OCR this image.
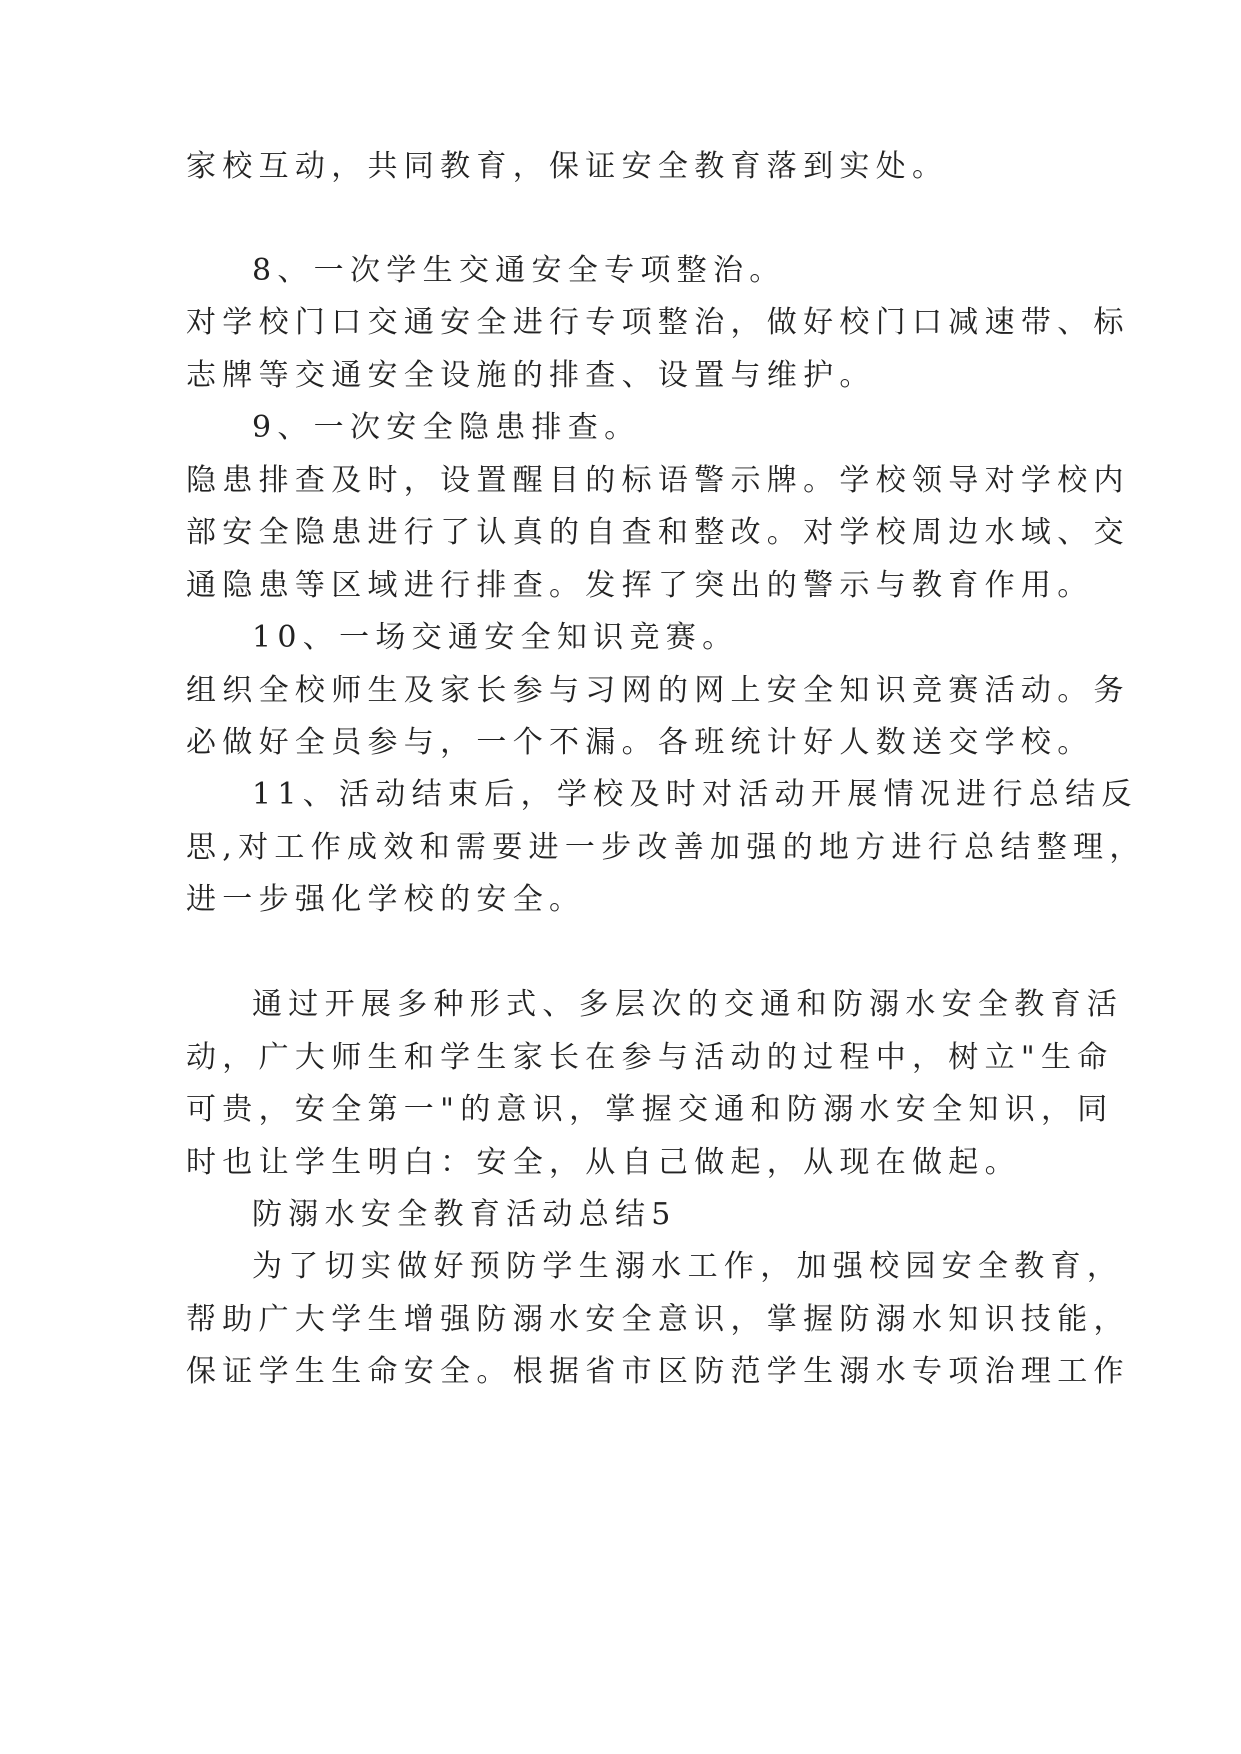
家校互动，共同教育，保证安全教育落到实处。
8、一次学生交通安全专项整治。
对学校门口交通安全进行专项整治，做好校门口减速带、标
志牌等交通安全设施的排查、设置与维护。
9、一次安全隐患排查。
隐患排查及时，设置醒目的标语警示牌。学校领导对学校内
部安全隐患进行了认真的自查和整改。对学校周边水域、交
通隐患等区域进行排查。发挥了突出的警示与教育作用。
10、一场交通安全知识竞赛。
组织全校师生及家长参与习网的网上安全知识竞赛活动。务
必做好全员参与，一个不漏。各班统计好人数送交学校。
11、活动结束后，学校及时对活动开展情况进行总结反
思,对工作成效和需要进一步改善加强的地方进行总结整理，
进一步强化学校的安全。
通过开展多种形式、多层次的交通和防溺水安全教育活
动，广大师生和学生家长在参与活动的过程中，树立"生命
可贵，安全第一"的意识，掌握交通和防溺水安全知识，同
时也让学生明白：安全，从自己做起，从现在做起。
防溺水安全教育活动总结5
为了切实做好预防学生溺水工作，加强校园安全教育，
帮助广大学生增强防溺水安全意识，掌握防溺水知识技能，
保证学生生命安全。根据省市区防范学生溺水专项治理工作
